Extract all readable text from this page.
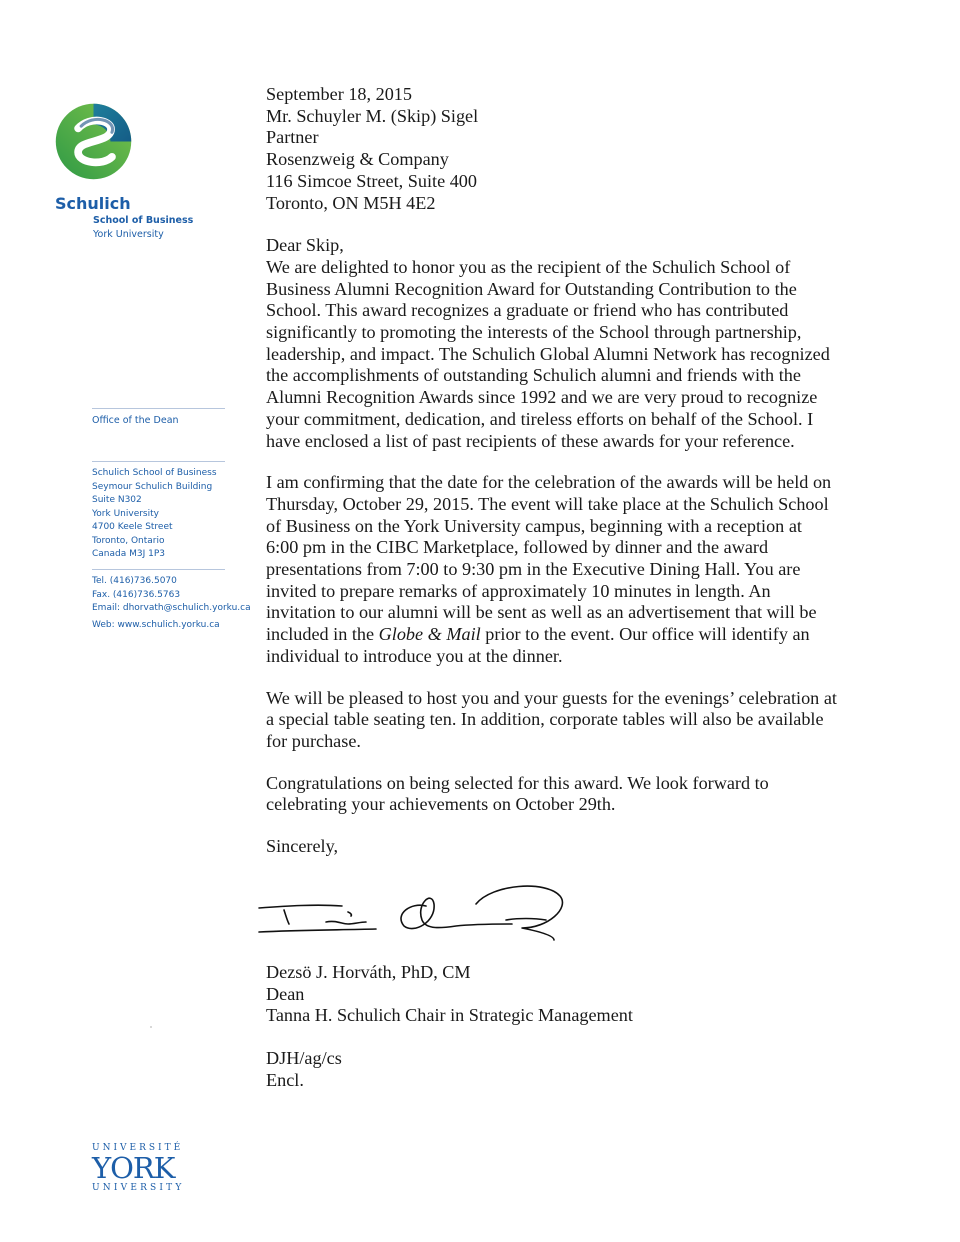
Schulich
School of Business
York University
Office of the Dean
Schulich School of Business
Seymour Schulich Building
Suite N302
York University
4700 Keele Street
Toronto, Ontario
Canada M3J 1P3
Tel. (416)736.5070
Fax. (416)736.5763
Email: dhorvath@schulich.yorku.ca
Web: www.schulich.yorku.ca
UNIVERSITÉ
YORK
UNIVERSITY

September 18, 2015

Mr. Schuyler M. (Skip) Sigel
Partner
Rosenzweig & Company
116 Simcoe Street, Suite 400
Toronto, ON M5H 4E2

Dear Skip,

We are delighted to honor you as the recipient of the Schulich School of
Business Alumni Recognition Award for Outstanding Contribution to the
School. This award recognizes a graduate or friend who has contributed
significantly to promoting the interests of the School through partnership,
leadership, and impact. The Schulich Global Alumni Network has recognized
the accomplishments of outstanding Schulich alumni and friends with the
Alumni Recognition Awards since 1992 and we are very proud to recognize
your commitment, dedication, and tireless efforts on behalf of the School. I
have enclosed a list of past recipients of these awards for your reference.
I am confirming that the date for the celebration of the awards will be held on
Thursday, October 29, 2015. The event will take place at the Schulich School
of Business on the York University campus, beginning with a reception at
6:00 pm in the CIBC Marketplace, followed by dinner and the award
presentations from 7:00 to 9:30 pm in the Executive Dining Hall. You are
invited to prepare remarks of approximately 10 minutes in length. An
invitation to our alumni will be sent as well as an advertisement that will be
included in the Globe & Mail prior to the event. Our office will identify an
individual to introduce you at the dinner.
We will be pleased to host you and your guests for the evenings’ celebration at
a special table seating ten. In addition, corporate tables will also be available
for purchase.
Congratulations on being selected for this award. We look forward to
celebrating your achievements on October 29th.

Sincerely,

Dezsö J. Horváth, PhD, CM
Dean
Tanna H. Schulich Chair in Strategic Management
DJH/ag/cs
Encl.
